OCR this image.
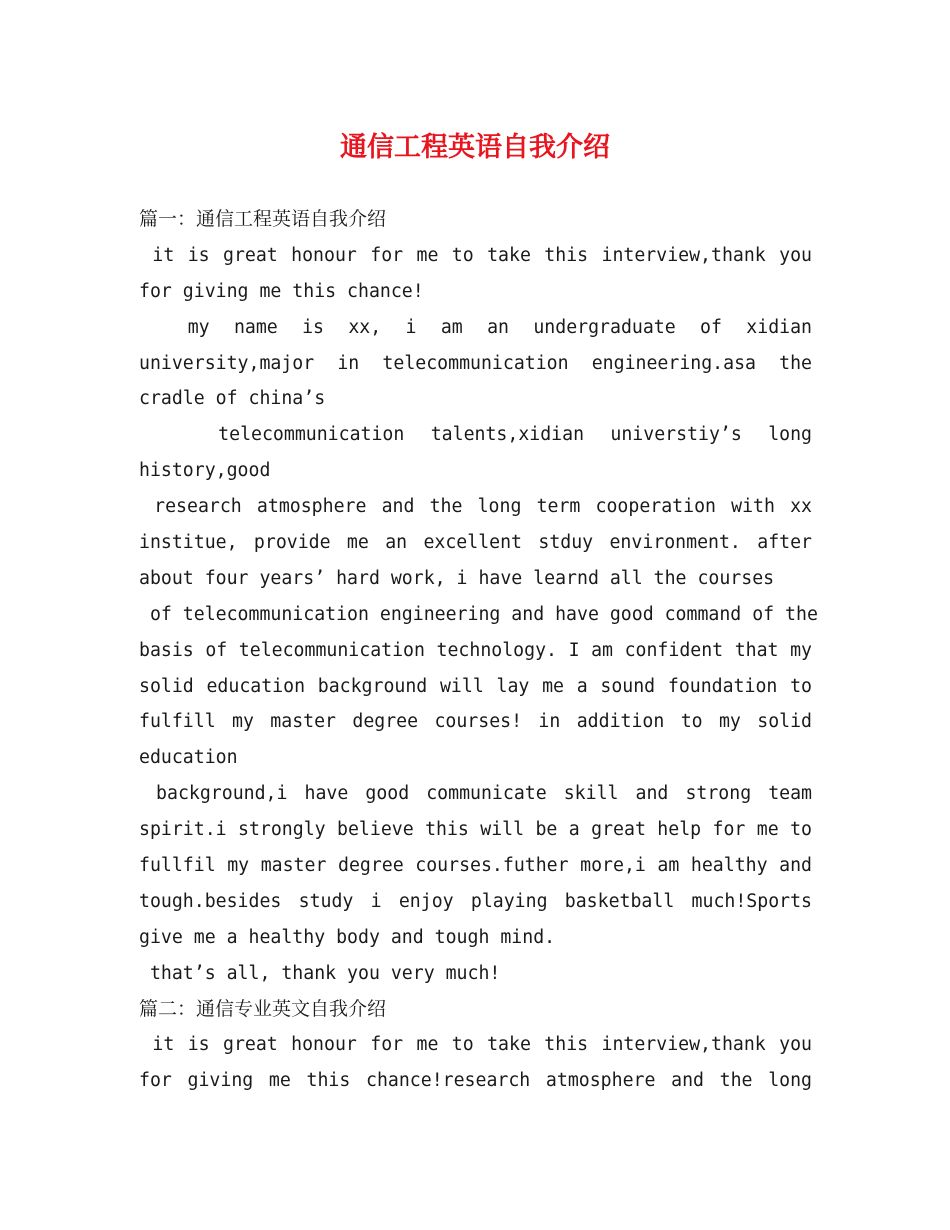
通信工程英语自我介绍
篇一：通信工程英语自我介绍
it is great honour for me to take this interview,thank you
for giving me this chance!
my name is xx, i am an undergraduate of xidian
university,major in telecommunication engineering.asa the
cradle of china’s
telecommunication talents,xidian universtiy’s long
history,good
research atmosphere and the long term cooperation with xx
institue, provide me an excellent stduy environment. after
about four years’ hard work, i have learnd all the courses
of telecommunication engineering and have good command of the
basis of telecommunication technology. I am confident that my
solid education background will lay me a sound foundation to
fulfill my master degree courses! in addition to my solid
education
background,i have good communicate skill and strong team
spirit.i strongly believe this will be a great help for me to
fullfil my master degree courses.futher more,i am healthy and
tough.besides study i enjoy playing basketball much!Sports
give me a healthy body and tough mind.
that’s all, thank you very much!
篇二：通信专业英文自我介绍
it is great honour for me to take this interview,thank you
for giving me this chance!research atmosphere and the long
